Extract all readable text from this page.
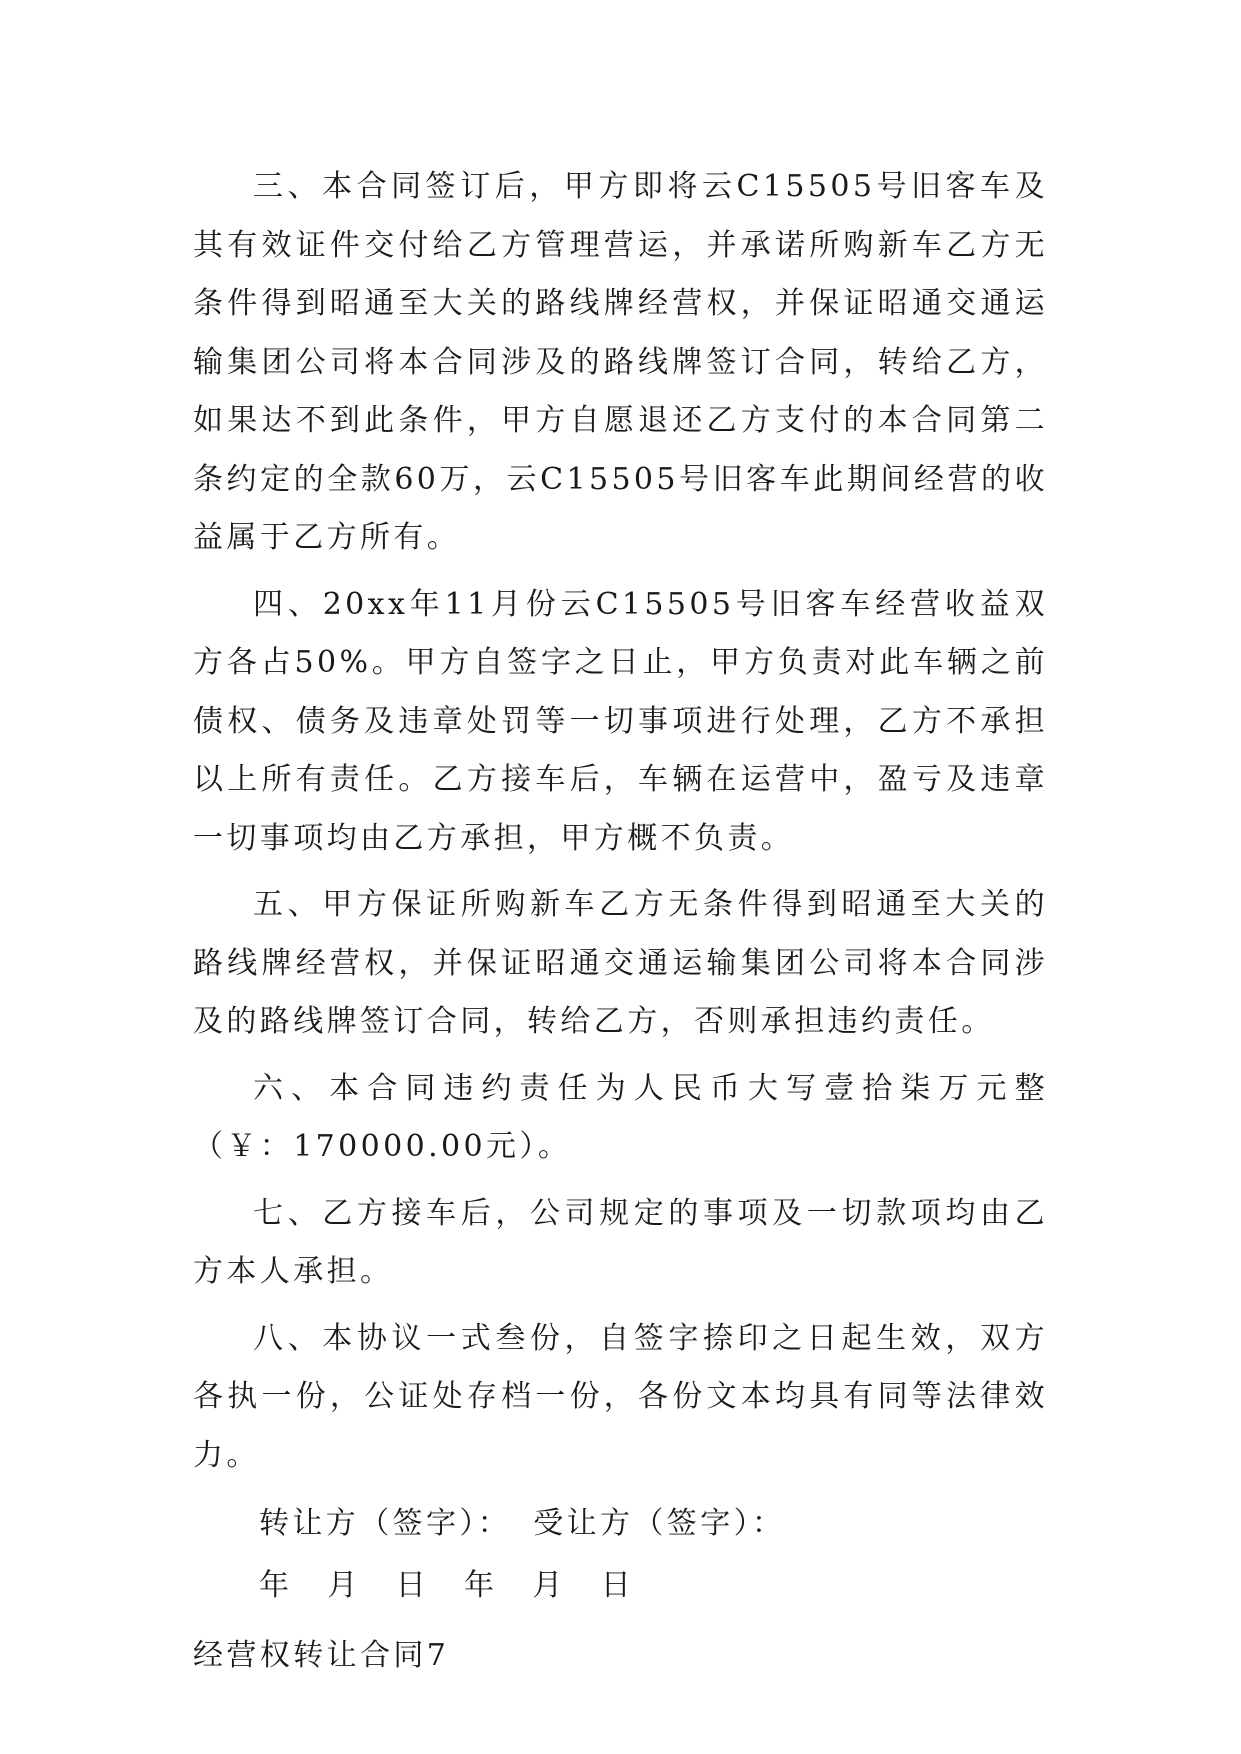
三、本合同签订后，甲方即将云C15505号旧客车及其有效证件交付给乙方管理营运，并承诺所购新车乙方无条件得到昭通至大关的路线牌经营权，并保证昭通交通运输集团公司将本合同涉及的路线牌签订合同，转给乙方，如果达不到此条件，甲方自愿退还乙方支付的本合同第二条约定的全款60万，云C15505号旧客车此期间经营的收益属于乙方所有。

四、20xx年11月份云C15505号旧客车经营收益双方各占50%。甲方自签字之日止，甲方负责对此车辆之前债权、债务及违章处罚等一切事项进行处理，乙方不承担以上所有责任。乙方接车后，车辆在运营中，盈亏及违章一切事项均由乙方承担，甲方概不负责。

五、甲方保证所购新车乙方无条件得到昭通至大关的路线牌经营权，并保证昭通交通运输集团公司将本合同涉及的路线牌签订合同，转给乙方，否则承担违约责任。

六、本合同违约责任为人民币大写壹拾柒万元整（￥：170000.00元）。

七、乙方接车后，公司规定的事项及一切款项均由乙方本人承担。

八、本协议一式叁份，自签字捺印之日起生效，双方各执一份，公证处存档一份，各份文本均具有同等法律效力。

转让方（签字）： 受让方（签字）：

年 月 日 年 月 日

经营权转让合同7
